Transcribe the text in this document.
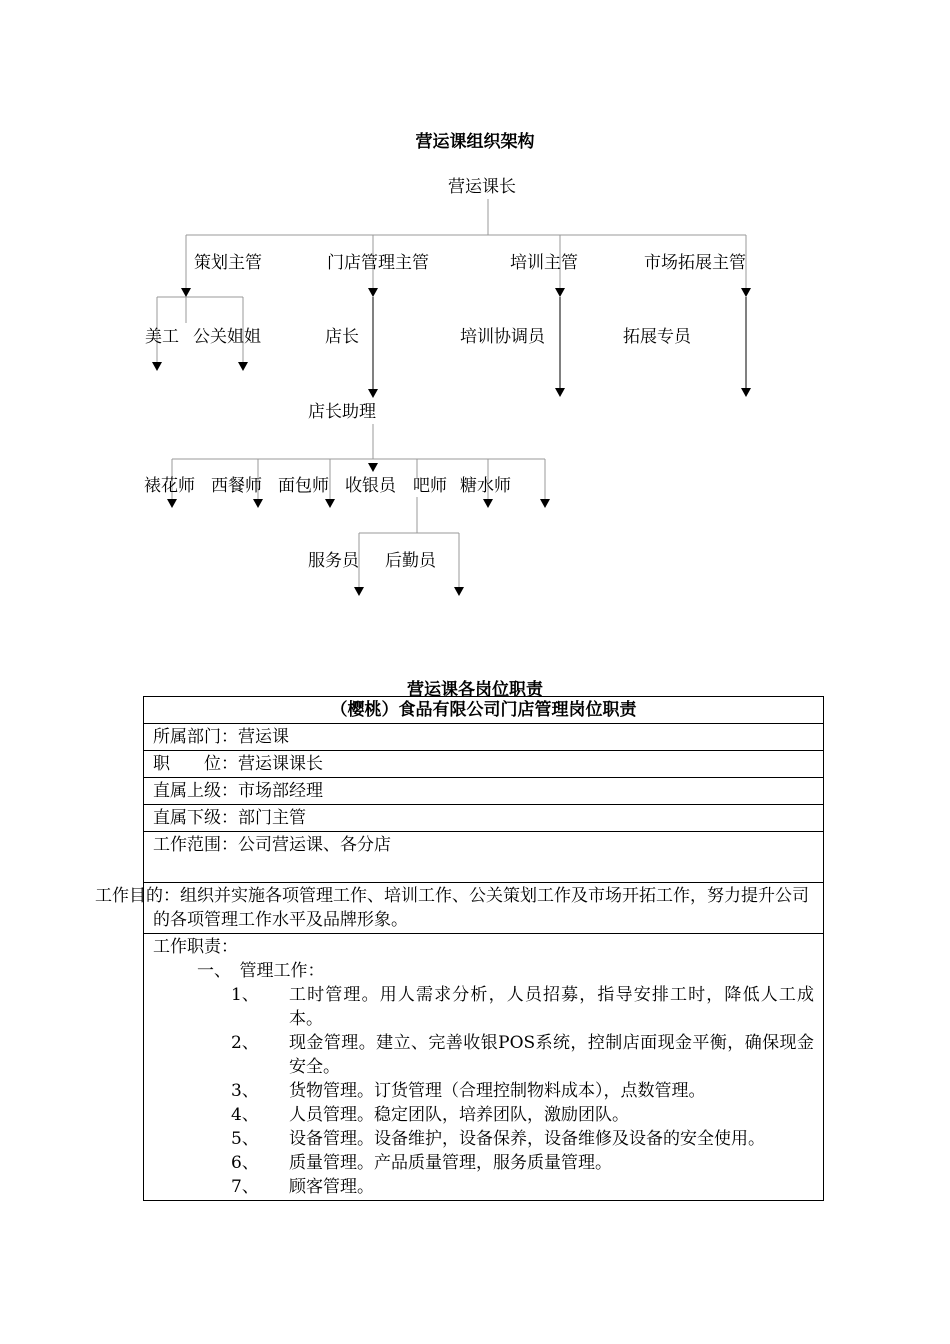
营运课组织架构
营运课长
策划主管	门店管理主管	培训主管	市场拓展主管
美工 公关姐姐	店长	培训协调员	拓展专员
店长助理
裱花师 西餐师 面包师 收银员 吧师 糖水师
服务员 后勤员
营运课各岗位职责
（樱桃）食品有限公司门店管理岗位职责
所属部门：营运课
职　　位：营运课课长
直属上级：市场部经理
直属下级：部门主管
工作范围：公司营运课、各分店
工作目的：组织并实施各项管理工作、培训工作、公关策划工作及市场开拓工作，努力提升公司的各项管理工作水平及品牌形象。

工作职责：
一、　管理工作：
1、 工时管理。用人需求分析，人员招募，指导安排工时，降低人工成本。
2、 现金管理。建立、完善收银POS系统，控制店面现金平衡，确保现金安全。
3、 货物管理。订货管理（合理控制物料成本），点数管理。
4、 人员管理。稳定团队，培养团队，激励团队。
5、 设备管理。设备维护，设备保养，设备维修及设备的安全使用。
6、 质量管理。产品质量管理，服务质量管理。
7、 顾客管理。
